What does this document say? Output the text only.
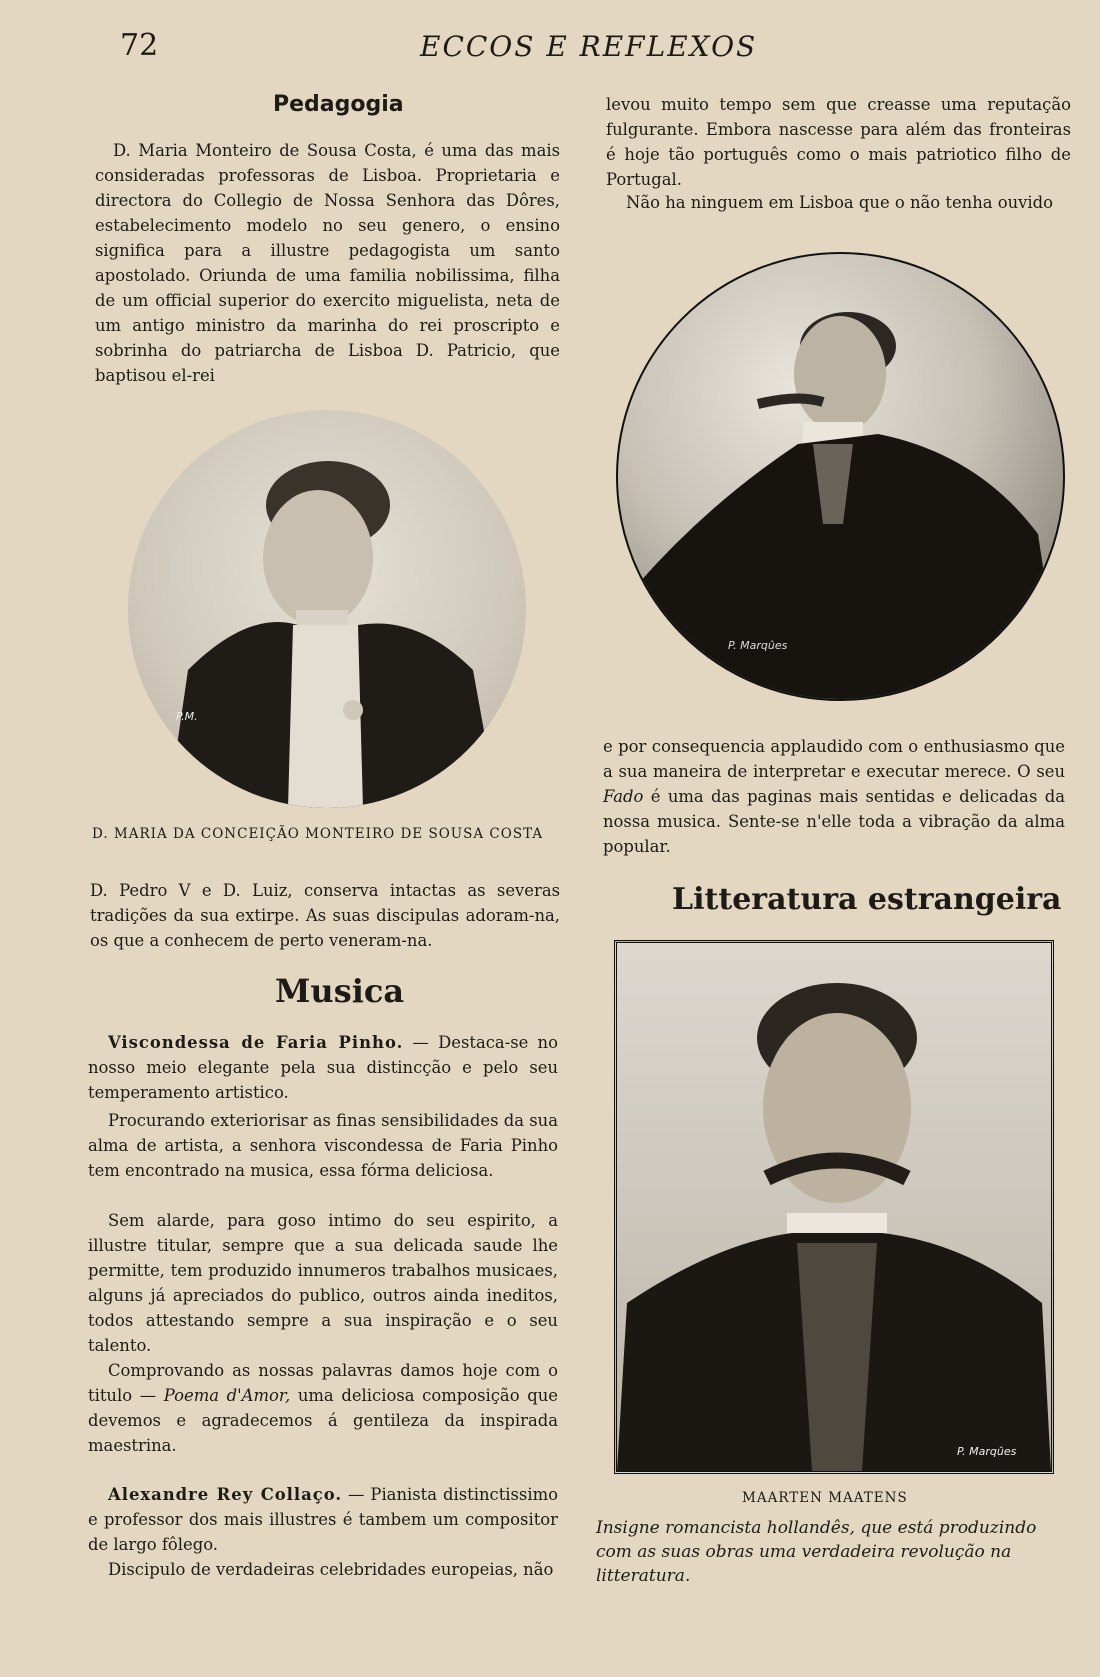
72	ECCOS E REFLEXOS
Pedagogia

D. Maria Monteiro de Sousa Costa, é uma das mais consideradas professoras de Lisboa. Proprietaria e directora do Collegio de Nossa Senhora das Dôres, estabelecimento modelo no seu genero, o ensino significa para a illustre pedagogista um santo apostolado. Oriunda de uma familia nobilissima, filha de um official superior do exercito miguelista, neta de um antigo ministro da marinha do rei proscripto e sobrinha do patriarcha de Lisboa D. Patricio, que baptisou el-rei

P.M.
D. MARIA DA CONCEIÇÃO MONTEIRO DE SOUSA COSTA

D. Pedro V e D. Luiz, conserva intactas as severas tradições da sua extirpe. As suas discipulas adoram-na, os que a conhecem de perto veneram-na.

Musica

Viscondessa de Faria Pinho. — Destaca-se no nosso meio elegante pela sua distincção e pelo seu temperamento artistico.

Procurando exteriorisar as finas sensibilidades da sua alma de artista, a senhora viscondessa de Faria Pinho tem encontrado na musica, essa fórma deliciosa.

Sem alarde, para goso intimo do seu espirito, a illustre titular, sempre que a sua delicada saude lhe permitte, tem produzido innumeros trabalhos musicaes, alguns já apreciados do publico, outros ainda ineditos, todos attestando sempre a sua inspiração e o seu talento.

Comprovando as nossas palavras damos hoje com o titulo — Poema d'Amor, uma deliciosa composição que devemos e agradecemos á gentileza da inspirada maestrina.

Alexandre Rey Collaço. — Pianista distinctissimo e professor dos mais illustres é tambem um compositor de largo fôlego.

Discipulo de verdadeiras celebridades europeias, não

levou muito tempo sem que creasse uma reputação fulgurante. Embora nascesse para além das fronteiras é hoje tão português como o mais patriotico filho de Portugal.

Não ha ninguem em Lisboa que o não tenha ouvido

P. Marqûes

e por consequencia applaudido com o enthusiasmo que a sua maneira de interpretar e executar merece. O seu Fado é uma das paginas mais sentidas e delicadas da nossa musica. Sente-se n'elle toda a vibração da alma popular.

Litteratura estrangeira
P. Marqûes
MAARTEN MAATENS

Insigne romancista hollandês, que está produzindo com as suas obras uma verdadeira revolução na litteratura.
